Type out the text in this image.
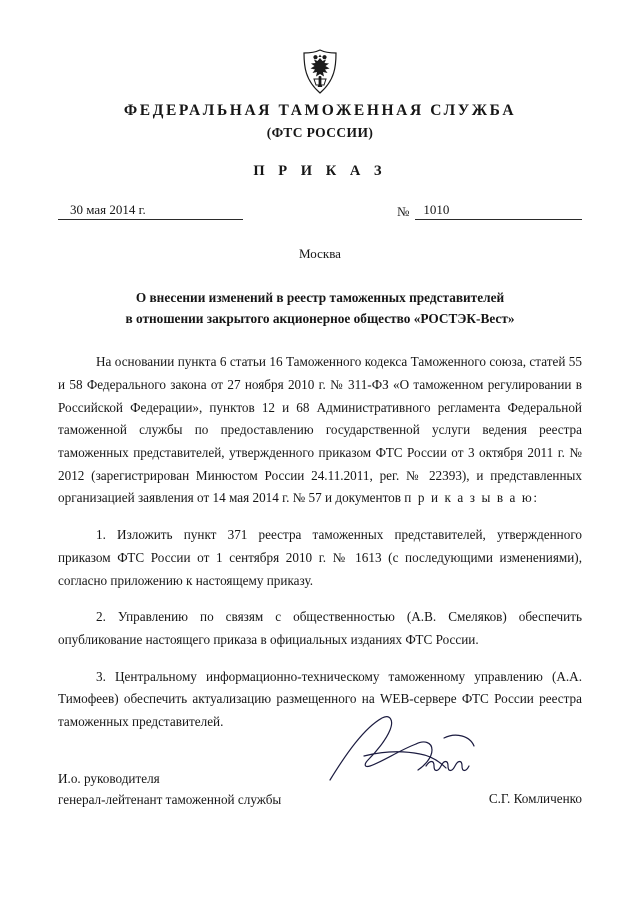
ФЕДЕРАЛЬНАЯ ТАМОЖЕННАЯ СЛУЖБА
(ФТС РОССИИ)
П Р И К А З
30 мая 2014 г.	№	1010
Москва
О внесении изменений в реестр таможенных представителей
в отношении закрытого акционерное общество «РОСТЭК-Вест»

На основании пункта 6 статьи 16 Таможенного кодекса Таможенного союза, статей 55 и 58 Федерального закона от 27 ноября 2010 г. № 311-ФЗ «О таможенном регулировании в Российской Федерации», пунктов 12 и 68 Административного регламента Федеральной таможенной службы по предоставлению государственной услуги ведения реестра таможенных представителей, утвержденного приказом ФТС России от 3 октября 2011 г. № 2012 (зарегистрирован Минюстом России 24.11.2011, рег. № 22393), и представленных организацией заявления от 14 мая 2014 г. № 57 и документов п р и к а з ы в а ю:

1. Изложить пункт 371 реестра таможенных представителей, утвержденного приказом ФТС России от 1 сентября 2010 г. № 1613 (с последующими изменениями), согласно приложению к настоящему приказу.

2. Управлению по связям с общественностью (А.В. Смеляков) обеспечить опубликование настоящего приказа в официальных изданиях ФТС России.

3. Центральному информационно-техническому таможенному управлению (А.А. Тимофеев) обеспечить актуализацию размещенного на WEB-сервере ФТС России реестра таможенных представителей.

И.о. руководителя
генерал-лейтенант таможенной службы	С.Г. Комличенко
